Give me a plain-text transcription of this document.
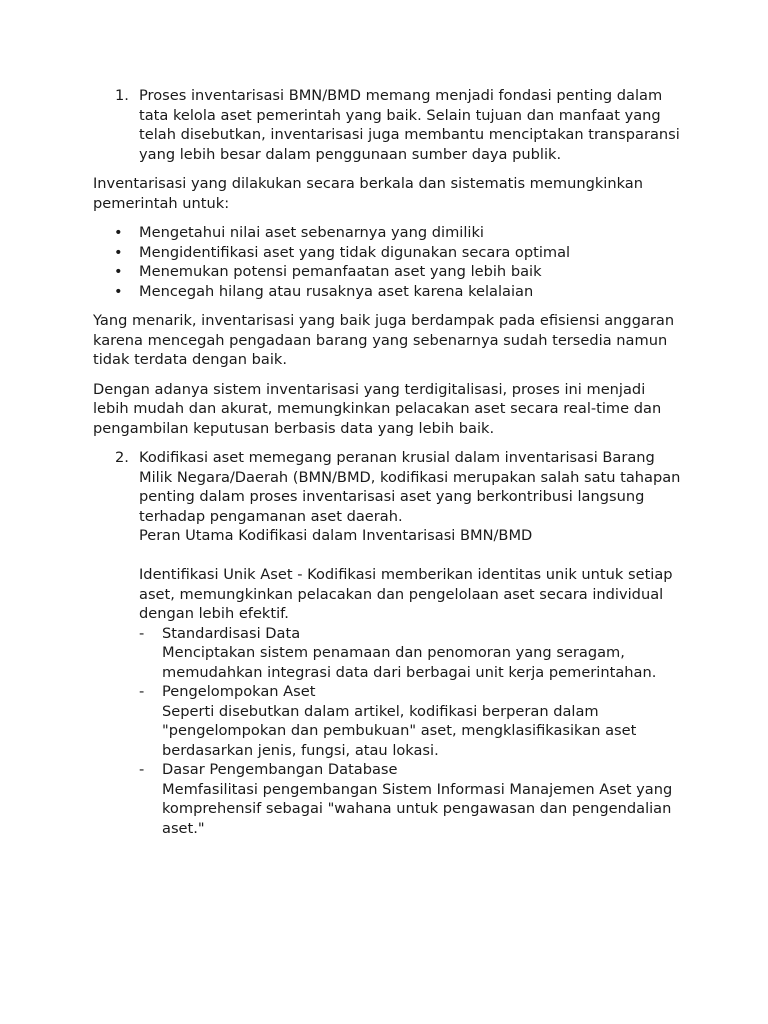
1. Proses inventarisasi BMN/BMD memang menjadi fondasi penting dalam tata kelola aset pemerintah yang baik. Selain tujuan dan manfaat yang telah disebutkan, inventarisasi juga membantu menciptakan transparansi yang lebih besar dalam penggunaan sumber daya publik.
Inventarisasi yang dilakukan secara berkala dan sistematis memungkinkan pemerintah untuk:
•	Mengetahui nilai aset sebenarnya yang dimiliki
•	Mengidentifikasi aset yang tidak digunakan secara optimal
•	Menemukan potensi pemanfaatan aset yang lebih baik
•	Mencegah hilang atau rusaknya aset karena kelalaian
Yang menarik, inventarisasi yang baik juga berdampak pada efisiensi anggaran karena mencegah pengadaan barang yang sebenarnya sudah tersedia namun tidak terdata dengan baik.
Dengan adanya sistem inventarisasi yang terdigitalisasi, proses ini menjadi lebih mudah dan akurat, memungkinkan pelacakan aset secara real-time dan pengambilan keputusan berbasis data yang lebih baik.
2. Kodifikasi aset memegang peranan krusial dalam inventarisasi Barang Milik Negara/Daerah (BMN/BMD, kodifikasi merupakan salah satu tahapan penting dalam proses inventarisasi aset yang berkontribusi langsung terhadap pengamanan aset daerah.
Peran Utama Kodifikasi dalam Inventarisasi BMN/BMD
Identifikasi Unik Aset - Kodifikasi memberikan identitas unik untuk setiap aset, memungkinkan pelacakan dan pengelolaan aset secara individual dengan lebih efektif.
-	Standardisasi Data
Menciptakan sistem penamaan dan penomoran yang seragam, memudahkan integrasi data dari berbagai unit kerja pemerintahan.
-	Pengelompokan Aset
Seperti disebutkan dalam artikel, kodifikasi berperan dalam "pengelompokan dan pembukuan" aset, mengklasifikasikan aset berdasarkan jenis, fungsi, atau lokasi.
-	Dasar Pengembangan Database
Memfasilitasi pengembangan Sistem Informasi Manajemen Aset yang komprehensif sebagai "wahana untuk pengawasan dan pengendalian aset."
